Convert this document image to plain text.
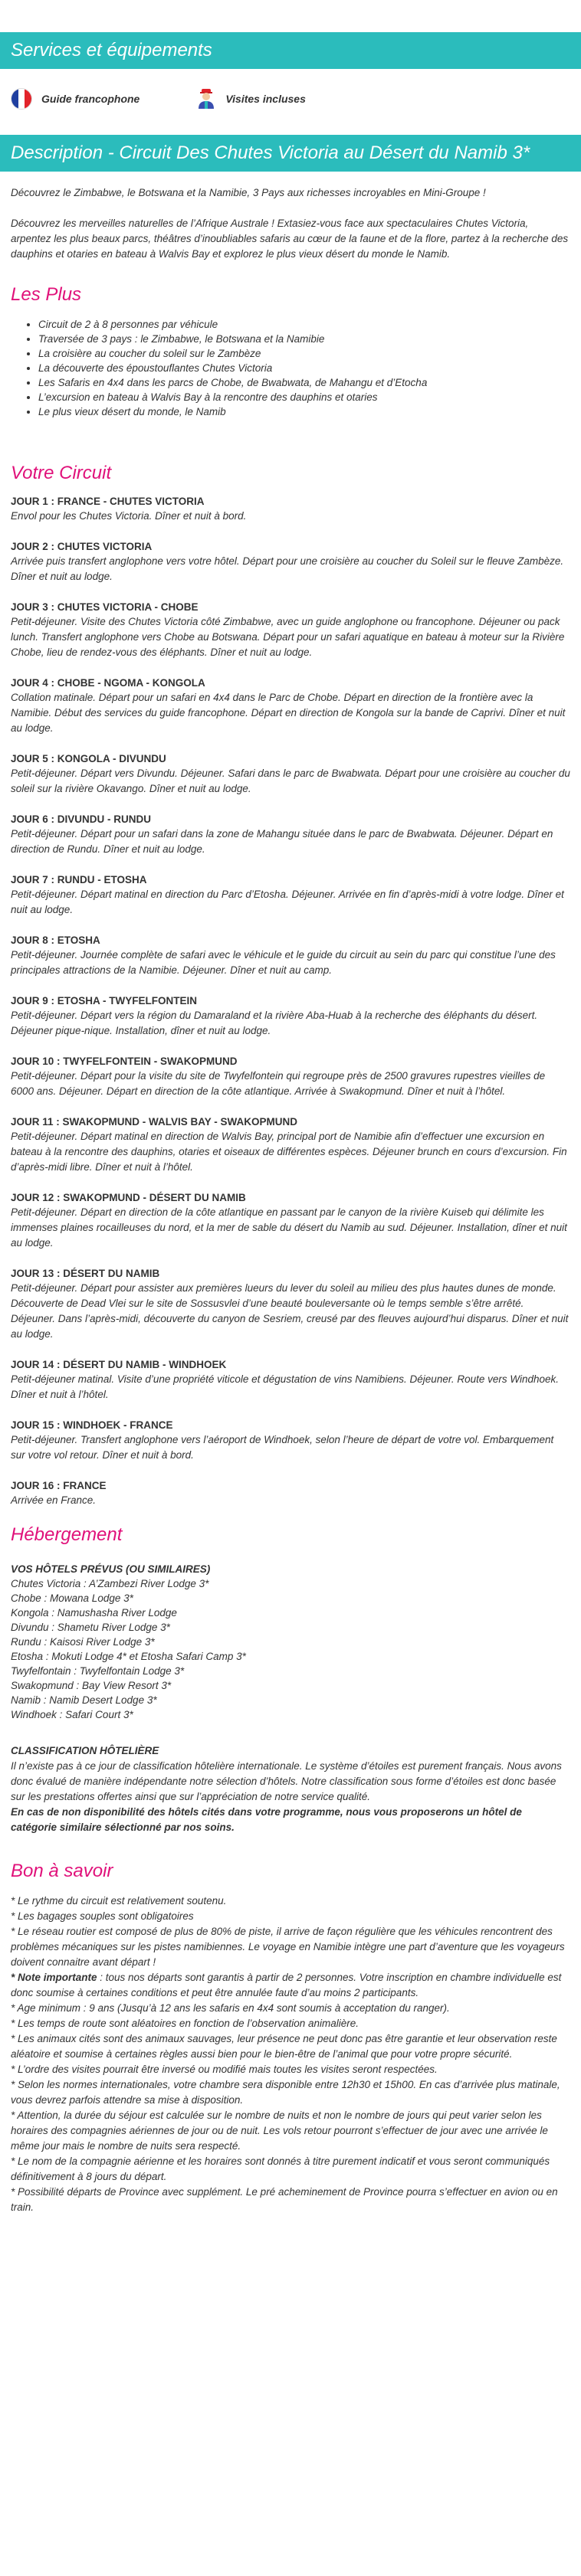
Services et équipements
Guide francophone	Visites incluses
Description - Circuit Des Chutes Victoria au Désert du Namib 3*

Découvrez le Zimbabwe, le Botswana et la Namibie, 3 Pays aux richesses incroyables en Mini-Groupe !

Découvrez les merveilles naturelles de l’Afrique Australe ! Extasiez-vous face aux spectaculaires Chutes Victoria, arpentez les plus beaux parcs, théâtres d’inoubliables safaris au cœur de la faune et de la flore, partez à la recherche des dauphins et otaries en bateau à Walvis Bay et explorez le plus vieux désert du monde le Namib.

Les Plus
• Circuit de 2 à 8 personnes par véhicule
• Traversée de 3 pays : le Zimbabwe, le Botswana et la Namibie
• La croisière au coucher du soleil sur le Zambèze
• La découverte des époustouflantes Chutes Victoria
• Les Safaris en 4x4 dans les parcs de Chobe, de Bwabwata, de Mahangu et d’Etocha
• L’excursion en bateau à Walvis Bay à la rencontre des dauphins et otaries
• Le plus vieux désert du monde, le Namib
Votre Circuit
JOUR 1 : FRANCE - CHUTES VICTORIA
Envol pour les Chutes Victoria. Dîner et nuit à bord.
JOUR 2 : CHUTES VICTORIA
Arrivée puis transfert anglophone vers votre hôtel. Départ pour une croisière au coucher du Soleil sur le fleuve Zambèze. Dîner et nuit au lodge.
JOUR 3 : CHUTES VICTORIA - CHOBE
Petit-déjeuner. Visite des Chutes Victoria côté Zimbabwe, avec un guide anglophone ou francophone. Déjeuner ou pack lunch. Transfert anglophone vers Chobe au Botswana. Départ pour un safari aquatique en bateau à moteur sur la Rivière Chobe, lieu de rendez-vous des éléphants. Dîner et nuit au lodge.
JOUR 4 : CHOBE - NGOMA - KONGOLA
Collation matinale. Départ pour un safari en 4x4 dans le Parc de Chobe. Départ en direction de la frontière avec la Namibie. Début des services du guide francophone. Départ en direction de Kongola sur la bande de Caprivi. Dîner et nuit au lodge.
JOUR 5 : KONGOLA - DIVUNDU
Petit-déjeuner. Départ vers Divundu. Déjeuner. Safari dans le parc de Bwabwata. Départ pour une croisière au coucher du soleil sur la rivière Okavango. Dîner et nuit au lodge.
JOUR 6 : DIVUNDU - RUNDU
Petit-déjeuner. Départ pour un safari dans la zone de Mahangu située dans le parc de Bwabwata. Déjeuner. Départ en direction de Rundu. Dîner et nuit au lodge.
JOUR 7 : RUNDU - ETOSHA
Petit-déjeuner. Départ matinal en direction du Parc d’Etosha. Déjeuner. Arrivée en fin d’après-midi à votre lodge. Dîner et nuit au lodge.
JOUR 8 : ETOSHA
Petit-déjeuner. Journée complète de safari avec le véhicule et le guide du circuit au sein du parc qui constitue l’une des principales attractions de la Namibie. Déjeuner. Dîner et nuit au camp.
JOUR 9 : ETOSHA - TWYFELFONTEIN
Petit-déjeuner. Départ vers la région du Damaraland et la rivière Aba-Huab à la recherche des éléphants du désert. Déjeuner pique-nique. Installation, dîner et nuit au lodge.
JOUR 10 : TWYFELFONTEIN - SWAKOPMUND
Petit-déjeuner. Départ pour la visite du site de Twyfelfontein qui regroupe près de 2500 gravures rupestres vieilles de 6000 ans. Déjeuner. Départ en direction de la côte atlantique. Arrivée à Swakopmund. Dîner et nuit à l’hôtel.
JOUR 11 : SWAKOPMUND - WALVIS BAY - SWAKOPMUND
Petit-déjeuner. Départ matinal en direction de Walvis Bay, principal port de Namibie afin d’effectuer une excursion en bateau à la rencontre des dauphins, otaries et oiseaux de différentes espèces. Déjeuner brunch en cours d’excursion. Fin d’après-midi libre. Dîner et nuit à l’hôtel.
JOUR 12 : SWAKOPMUND - DÉSERT DU NAMIB
Petit-déjeuner. Départ en direction de la côte atlantique en passant par le canyon de la rivière Kuiseb qui délimite les immenses plaines rocailleuses du nord, et la mer de sable du désert du Namib au sud. Déjeuner. Installation, dîner et nuit au lodge.
JOUR 13 : DÉSERT DU NAMIB
Petit-déjeuner. Départ pour assister aux premières lueurs du lever du soleil au milieu des plus hautes dunes de monde. Découverte de Dead Vlei sur le site de Sossusvlei d’une beauté bouleversante où le temps semble s’être arrêté. Déjeuner. Dans l’après-midi, découverte du canyon de Sesriem, creusé par des fleuves aujourd’hui disparus. Dîner et nuit au lodge.
JOUR 14 : DÉSERT DU NAMIB - WINDHOEK
Petit-déjeuner matinal. Visite d’une propriété viticole et dégustation de vins Namibiens. Déjeuner. Route vers Windhoek. Dîner et nuit à l’hôtel.
JOUR 15 : WINDHOEK - FRANCE
Petit-déjeuner. Transfert anglophone vers l’aéroport de Windhoek, selon l’heure de départ de votre vol. Embarquement sur votre vol retour. Dîner et nuit à bord.
JOUR 16 : FRANCE
Arrivée en France.
Hébergement
VOS HÔTELS PRÉVUS (OU SIMILAIRES)
Chutes Victoria : A’Zambezi River Lodge 3*
Chobe : Mowana Lodge 3*
Kongola : Namushasha River Lodge
Divundu : Shametu River Lodge 3*
Rundu : Kaisosi River Lodge 3*
Etosha : Mokuti Lodge 4* et Etosha Safari Camp 3*
Twyfelfontain : Twyfelfontain Lodge 3*
Swakopmund : Bay View Resort 3*
Namib : Namib Desert Lodge 3*
Windhoek : Safari Court 3*
CLASSIFICATION HÔTELIÈRE
Il n’existe pas à ce jour de classification hôtelière internationale. Le système d’étoiles est purement français. Nous avons donc évalué de manière indépendante notre sélection d’hôtels. Notre classification sous forme d’étoiles est donc basée sur les prestations offertes ainsi que sur l’appréciation de notre service qualité.
En cas de non disponibilité des hôtels cités dans votre programme, nous vous proposerons un hôtel de catégorie similaire sélectionné par nos soins.
Bon à savoir
* Le rythme du circuit est relativement soutenu.
* Les bagages souples sont obligatoires
* Le réseau routier est composé de plus de 80% de piste, il arrive de façon régulière que les véhicules rencontrent des problèmes mécaniques sur les pistes namibiennes. Le voyage en Namibie intègre une part d’aventure que les voyageurs doivent connaitre avant départ !
* Note importante : tous nos départs sont garantis à partir de 2 personnes. Votre inscription en chambre individuelle est donc soumise à certaines conditions et peut être annulée faute d’au moins 2 participants.
* Age minimum : 9 ans (Jusqu’à 12 ans les safaris en 4x4 sont soumis à acceptation du ranger).
* Les temps de route sont aléatoires en fonction de l’observation animalière.
* Les animaux cités sont des animaux sauvages, leur présence ne peut donc pas être garantie et leur observation reste aléatoire et soumise à certaines règles aussi bien pour le bien-être de l’animal que pour votre propre sécurité.
* L’ordre des visites pourrait être inversé ou modifié mais toutes les visites seront respectées.
* Selon les normes internationales, votre chambre sera disponible entre 12h30 et 15h00. En cas d’arrivée plus matinale, vous devrez parfois attendre sa mise à disposition.
* Attention, la durée du séjour est calculée sur le nombre de nuits et non le nombre de jours qui peut varier selon les horaires des compagnies aériennes de jour ou de nuit. Les vols retour pourront s’effectuer de jour avec une arrivée le même jour mais le nombre de nuits sera respecté.
* Le nom de la compagnie aérienne et les horaires sont donnés à titre purement indicatif et vous seront communiqués définitivement à 8 jours du départ.
* Possibilité départs de Province avec supplément. Le pré acheminement de Province pourra s’effectuer en avion ou en train.
